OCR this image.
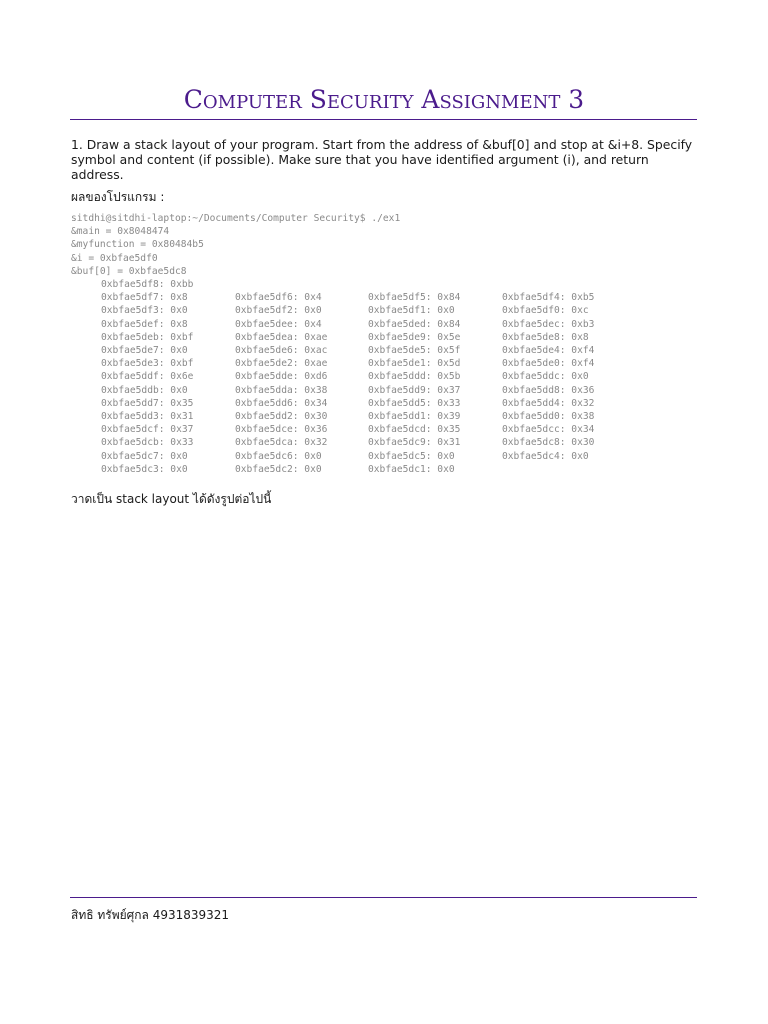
Computer Security Assignment 3
1. Draw a stack layout of your program. Start from the address of &buf[0] and stop at &i+8. Specify symbol and content (if possible). Make sure that you have identified argument (i), and return address.
ผลของโปรแกรม :
sitdhi@sitdhi-laptop:~/Documents/Computer Security$ ./ex1
&main = 0x8048474
&myfunction = 0x80484b5
&i = 0xbfae5df0
&buf[0] = 0xbfae5dc8
0xbfae5df8: 0xbb
0xbfae5df7: 0x8	0xbfae5df6: 0x4	0xbfae5df5: 0x84	0xbfae5df4: 0xb5
0xbfae5df3: 0x0	0xbfae5df2: 0x0	0xbfae5df1: 0x0	0xbfae5df0: 0xc
0xbfae5def: 0x8	0xbfae5dee: 0x4	0xbfae5ded: 0x84	0xbfae5dec: 0xb3
0xbfae5deb: 0xbf	0xbfae5dea: 0xae	0xbfae5de9: 0x5e	0xbfae5de8: 0x8
0xbfae5de7: 0x0	0xbfae5de6: 0xac	0xbfae5de5: 0x5f	0xbfae5de4: 0xf4
0xbfae5de3: 0xbf	0xbfae5de2: 0xae	0xbfae5de1: 0x5d	0xbfae5de0: 0xf4
0xbfae5ddf: 0x6e	0xbfae5dde: 0xd6	0xbfae5ddd: 0x5b	0xbfae5ddc: 0x0
0xbfae5ddb: 0x0	0xbfae5dda: 0x38	0xbfae5dd9: 0x37	0xbfae5dd8: 0x36
0xbfae5dd7: 0x35	0xbfae5dd6: 0x34	0xbfae5dd5: 0x33	0xbfae5dd4: 0x32
0xbfae5dd3: 0x31	0xbfae5dd2: 0x30	0xbfae5dd1: 0x39	0xbfae5dd0: 0x38
0xbfae5dcf: 0x37	0xbfae5dce: 0x36	0xbfae5dcd: 0x35	0xbfae5dcc: 0x34
0xbfae5dcb: 0x33	0xbfae5dca: 0x32	0xbfae5dc9: 0x31	0xbfae5dc8: 0x30
0xbfae5dc7: 0x0	0xbfae5dc6: 0x0	0xbfae5dc5: 0x0	0xbfae5dc4: 0x0
0xbfae5dc3: 0x0	0xbfae5dc2: 0x0	0xbfae5dc1: 0x0
วาดเป็น stack layout ได้ดังรูปต่อไปนี้
สิทธิ ทรัพย์ศุกล 4931839321
